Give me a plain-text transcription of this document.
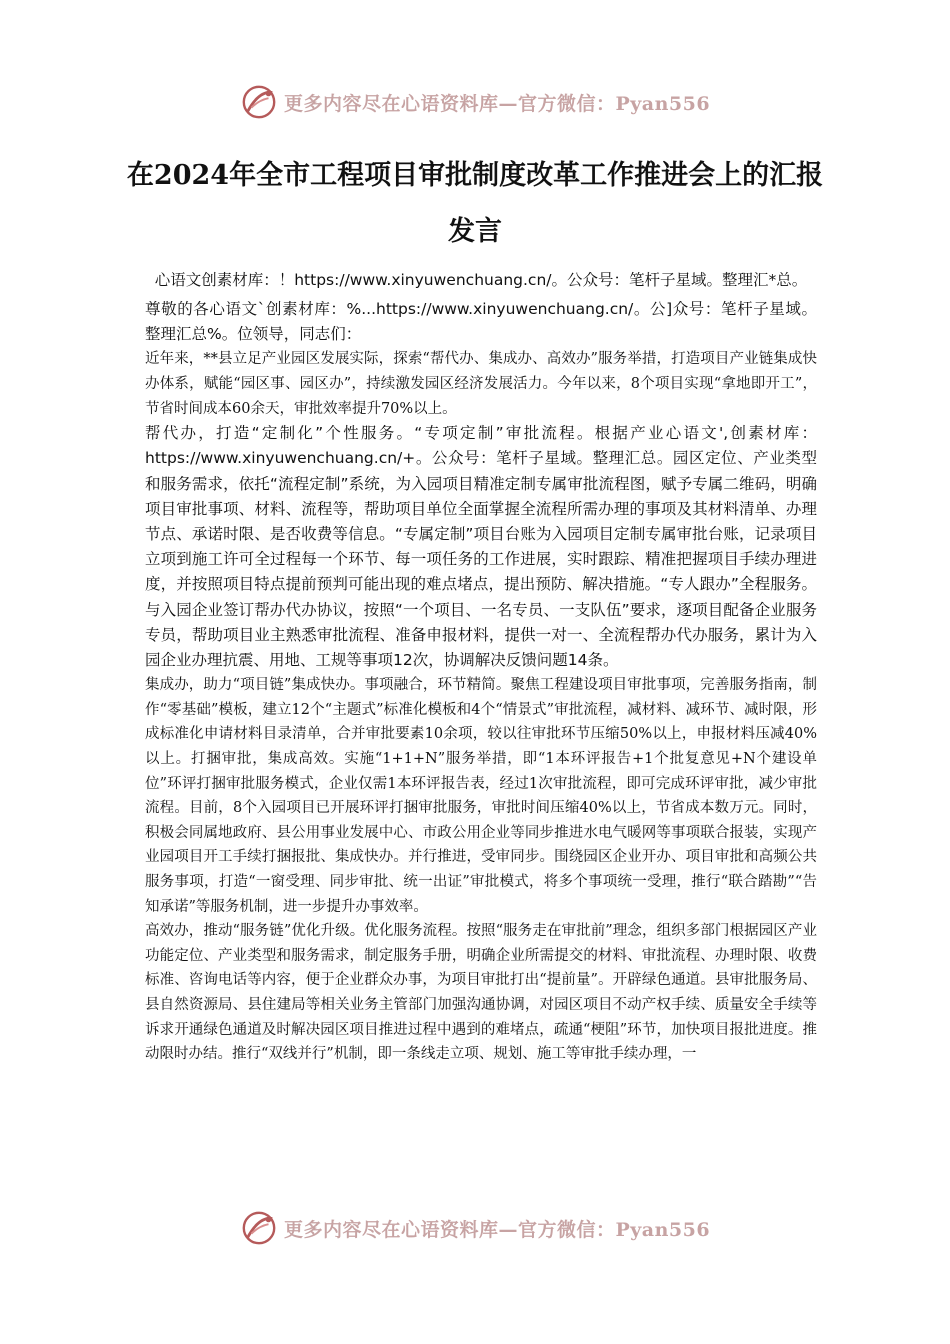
更多内容尽在心语资料库—官方微信：Pyan556
在2024年全市工程项目审批制度改革工作推进会上的汇报发言

心语文创素材库：！https://www.xinyuwenchuang.cn/。公众号：笔杆子星域。整理汇*总。

尊敬的各心语文`创素材库：%...https://www.xinyuwenchuang.cn/。公]众号：笔杆子星域。整理汇总%。位领导，同志们：

近年来，**县立足产业园区发展实际，探索“帮代办、集成办、高效办”服务举措，打造项目产业链集成快办体系，赋能“园区事、园区办”，持续激发园区经济发展活力。今年以来，8个项目实现“拿地即开工”，节省时间成本60余天，审批效率提升70%以上。

帮代办，打造“定制化”个性服务。“专项定制”审批流程。根据产业心语文',创素材库：https://www.xinyuwenchuang.cn/+。公众号：笔杆子星域。整理汇总。园区定位、产业类型和服务需求，依托“流程定制”系统，为入园项目精准定制专属审批流程图，赋予专属二维码，明确项目审批事项、材料、流程等，帮助项目单位全面掌握全流程所需办理的事项及其材料清单、办理节点、承诺时限、是否收费等信息。“专属定制”项目台账为入园项目定制专属审批台账，记录项目立项到施工许可全过程每一个环节、每一项任务的工作进展，实时跟踪、精准把握项目手续办理进度，并按照项目特点提前预判可能出现的难点堵点，提出预防、解决措施。“专人跟办”全程服务。与入园企业签订帮办代办协议，按照“一个项目、一名专员、一支队伍”要求，逐项目配备企业服务专员，帮助项目业主熟悉审批流程、准备申报材料，提供一对一、全流程帮办代办服务，累计为入园企业办理抗震、用地、工规等事项12次，协调解决反馈问题14条。

集成办，助力“项目链”集成快办。事项融合，环节精简。聚焦工程建设项目审批事项，完善服务指南，制作“零基础”模板，建立12个“主题式”标准化模板和4个“情景式”审批流程，减材料、减环节、减时限，形成标准化申请材料目录清单，合并审批要素10余项，较以往审批环节压缩50%以上，申报材料压减40%以上。打捆审批，集成高效。实施“1+1+N”服务举措，即“1本环评报告+1个批复意见+N个建设单位”环评打捆审批服务模式，企业仅需1本环评报告表，经过1次审批流程，即可完成环评审批，减少审批流程。目前，8个入园项目已开展环评打捆审批服务，审批时间压缩40%以上，节省成本数万元。同时，积极会同属地政府、县公用事业发展中心、市政公用企业等同步推进水电气暖网等事项联合报装，实现产业园项目开工手续打捆报批、集成快办。并行推进，受审同步。围绕园区企业开办、项目审批和高频公共服务事项，打造“一窗受理、同步审批、统一出证”审批模式，将多个事项统一受理，推行“联合踏勘”“告知承诺”等服务机制，进一步提升办事效率。

高效办，推动“服务链”优化升级。优化服务流程。按照“服务走在审批前”理念，组织多部门根据园区产业功能定位、产业类型和服务需求，制定服务手册，明确企业所需提交的材料、审批流程、办理时限、收费标准、咨询电话等内容，便于企业群众办事，为项目审批打出“提前量”。开辟绿色通道。县审批服务局、县自然资源局、县住建局等相关业务主管部门加强沟通协调，对园区项目不动产权手续、质量安全手续等诉求开通绿色通道及时解决园区项目推进过程中遇到的难堵点，疏通“梗阻”环节，加快项目报批进度。推动限时办结。推行“双线并行”机制，即一条线走立项、规划、施工等审批手续办理，一

更多内容尽在心语资料库—官方微信：Pyan556
